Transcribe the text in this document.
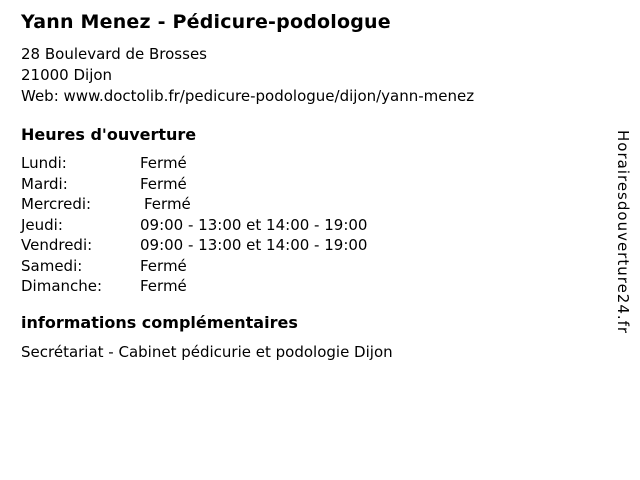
Yann Menez - Pédicure-podologue
28 Boulevard de Brosses
21000 Dijon
Web: www.doctolib.fr/pedicure-podologue/dijon/yann-menez
Heures d'ouverture
Lundi:	Fermé
Mardi:	Fermé
Mercredi:	Fermé
Jeudi:	09:00 - 13:00 et 14:00 - 19:00
Vendredi:	09:00 - 13:00 et 14:00 - 19:00
Samedi:	Fermé
Dimanche:	Fermé
informations complémentaires
Secrétariat - Cabinet pédicurie et podologie Dijon
Horairesdouverture24.fr
